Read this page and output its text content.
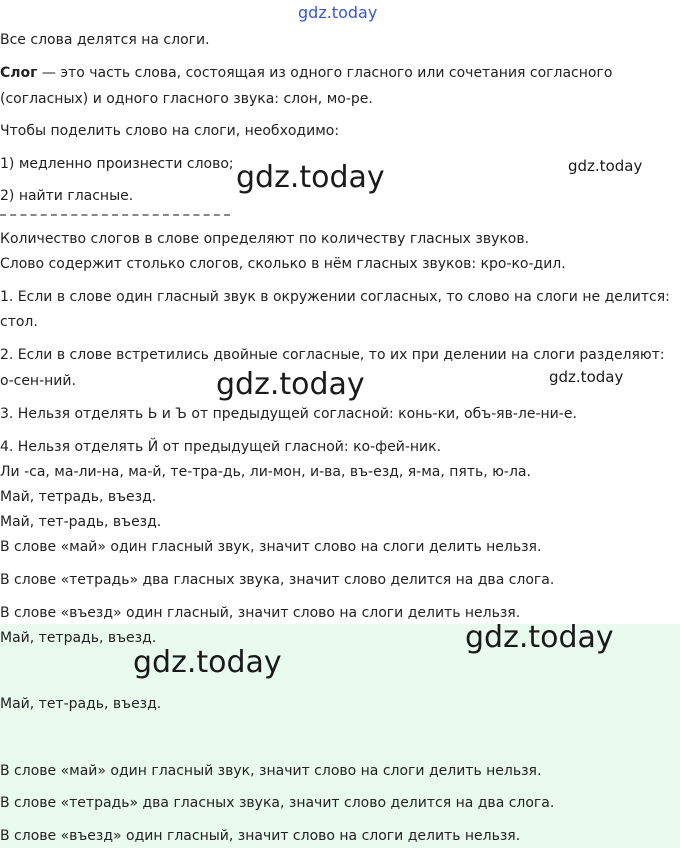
gdz.today
Все слова делятся на слоги.
Слог — это часть слова, состоящая из одного гласного или сочетания согласного
(согласных) и одного гласного звука: слон, мо-ре.
Чтобы поделить слово на слоги, необходимо:
1) медленно произнести слово;
2) найти гласные.
Количество слогов в слове определяют по количеству гласных звуков.
Слово содержит столько слогов, сколько в нём гласных звуков: кро-ко-дил.
1. Если в слове один гласный звук в окружении согласных, то слово на слоги не делится:
стол.
2. Если в слове встретились двойные согласные, то их при делении на слоги разделяют:
о-сен-ний.
3. Нельзя отделять Ь и Ъ от предыдущей согласной: конь-ки, объ-яв-ле-ни-е.
4. Нельзя отделять Й от предыдущей гласной: ко-фей-ник.
Ли -са, ма-ли-на, ма-й, те-тра-дь, ли-мон, и-ва, въ-езд, я-ма, пять, ю-ла.
Май, тетрадь, въезд.
Май, тет-радь, въезд.
В слове «май» один гласный звук, значит слово на слоги делить нельзя.
В слове «тетрадь» два гласных звука, значит слово делится на два слога.
В слове «въезд» один гласный, значит слово на слоги делить нельзя.
Май, тетрадь, въезд.
Май, тет-радь, въезд.
В слове «май» один гласный звук, значит слово на слоги делить нельзя.
В слове «тетрадь» два гласных звука, значит слово делится на два слога.
В слове «въезд» один гласный, значит слово на слоги делить нельзя.
gdz.today	gdz.today
gdz.today	gdz.today
gdz.today
gdz.today
